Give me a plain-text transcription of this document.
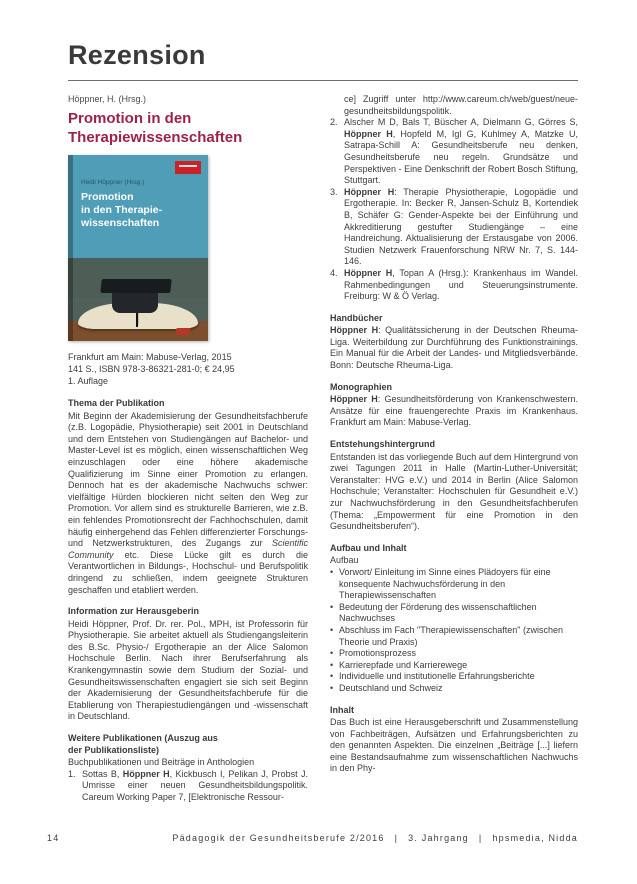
Rezension
Höppner, H. (Hrsg.)
Promotion in den Therapiewissenschaften
Heidi Höppner (Hrsg.)
Promotion
in den Therapie-
wissenschaften
Frankfurt am Main: Mabuse-Verlag, 2015
141 S., ISBN 978-3-86321-281-0; € 24,95
1. Auflage
Thema der Publikation

Mit Beginn der Akademisierung der Gesundheitsfachberufe (z.B. Logopädie, Physiotherapie) seit 2001 in Deutschland und dem Entstehen von Studiengängen auf Bachelor- und Master-Level ist es möglich, einen wissenschaftlichen Weg einzuschlagen oder eine höhere akademische Qualifizierung im Sinne einer Promotion zu erlangen. Dennoch hat es der akademische Nachwuchs schwer: vielfältige Hürden blockieren nicht selten den Weg zur Promotion. Vor allem sind es strukturelle Barrieren, wie z.B. ein fehlendes Promotionsrecht der Fachhochschulen, damit häufig einhergehend das Fehlen differenzierter Forschungs- und Netzwerkstrukturen, des Zugangs zur Scientific Community etc. Diese Lücke gilt es durch die Verantwortlichen in Bildungs-, Hochschul- und Berufspolitik dringend zu schließen, indem geeignete Strukturen geschaffen und etabliert werden.

Information zur Herausgeberin

Heidi Höppner, Prof. Dr. rer. Pol., MPH, ist Professorin für Physiotherapie. Sie arbeitet aktuell als Studiengangsleiterin des B.Sc. Physio-/ Ergotherapie an der Alice Salomon Hochschule Berlin. Nach ihrer Berufserfahrung als Krankengymnastin sowie dem Studium der Sozial- und Gesundheitswissenschaften engagiert sie sich seit Beginn der Akademisierung der Gesundheitsfachberufe für die Etablierung von Therapiestudiengängen und -wissenschaft in Deutschland.

Weitere Publikationen (Auszug aus der Publikationsliste)
Buchpublikationen und Beiträge in Anthologien
1. Sottas B, Höppner H, Kickbusch I, Pelikan J, Probst J. Umrisse einer neuen Gesundheitsbildungspolitik. Careum Working Paper 7, [Elektronische Ressour-
ce] Zugriff unter http://www.careum.ch/web/guest/neue-gesundheitsbildungspolitik.
2. Alscher M D, Bals T, Büscher A, Dielmann G, Görres S, Höppner H, Hopfeld M, Igl G, Kuhlmey A, Matzke U, Satrapa-Schill A: Gesundheitsberufe neu denken, Gesundheitsberufe neu regeln. Grundsätze und Perspektiven - Eine Denkschrift der Robert Bosch Stiftung, Stuttgart.
3. Höppner H: Therapie Physiotherapie, Logopädie und Ergotherapie. In: Becker R, Jansen-Schulz B, Kortendiek B, Schäfer G: Gender-Aspekte bei der Einführung und Akkreditierung gestufter Studiengänge – eine Handreichung. Aktualisierung der Erstausgabe von 2006. Studien Netzwerk Frauenforschung NRW Nr. 7, S. 144-146.
4. Höppner H, Topan A (Hrsg.): Krankenhaus im Wandel. Rahmenbedingungen und Steuerungsinstrumente. Freiburg: W & Ö Verlag.
Handbücher

Höppner H: Qualitätssicherung in der Deutschen Rheuma-Liga. Weiterbildung zur Durchführung des Funktionstrainings. Ein Manual für die Arbeit der Landes- und Mitgliedsverbände. Bonn: Deutsche Rheuma-Liga.

Monographien

Höppner H: Gesundheitsförderung von Krankenschwestern. Ansätze für eine frauengerechte Praxis im Krankenhaus. Frankfurt am Main: Mabuse-Verlag.

Entstehungshintergrund

Entstanden ist das vorliegende Buch auf dem Hintergrund von zwei Tagungen 2011 in Halle (Martin-Luther-Universität; Veranstalter: HVG e.V.) und 2014 in Berlin (Alice Salomon Hochschule; Veranstalter: Hochschulen für Gesundheit e.V.) zur Nachwuchsförderung in den Gesundheitsfachberufen (Thema: „Empowerment für eine Promotion in den Gesundheitsberufen“).

Aufbau und Inhalt
Aufbau
• Vorwort/ Einleitung im Sinne eines Plädoyers für eine konsequente Nachwuchsförderung in den Therapiewissenschaften
• Bedeutung der Förderung des wissenschaftlichen Nachwuchses
• Abschluss im Fach "Therapiewissenschaften" (zwischen Theorie und Praxis)
• Promotionsprozess
• Karrierepfade und Karrierewege
• Individuelle und institutionelle Erfahrungsberichte
• Deutschland und Schweiz
Inhalt

Das Buch ist eine Herausgeberschrift und Zusammenstellung von Fachbeiträgen, Aufsätzen und Erfahrungsberichten zu den genannten Aspekten. Die einzelnen „Beiträge [...] liefern eine Bestandsaufnahme zum wissenschaftlichen Nachwuchs in den Phy-

14	Pädagogik der Gesundheitsberufe 2/2016 | 3. Jahrgang | hpsmedia, Nidda
